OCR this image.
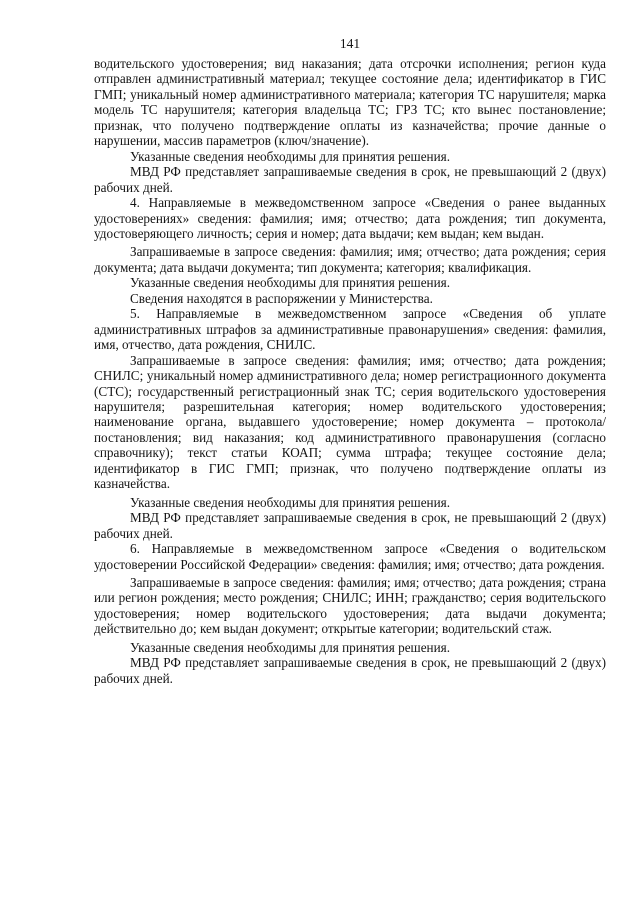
141

водительского удостоверения; вид наказания; дата отсрочки исполнения; регион куда отправлен административный материал; текущее состояние дела; идентификатор в ГИС ГМП; уникальный номер административного материала; категория ТС нарушителя; марка модель ТС нарушителя; категория владельца ТС; ГРЗ ТС; кто вынес постановление; признак, что получено подтверждение оплаты из казначейства; прочие данные о нарушении, массив параметров (ключ/значение).

Указанные сведения необходимы для принятия решения.

МВД РФ представляет запрашиваемые сведения в срок, не превышающий 2 (двух) рабочих дней.

4. Направляемые в межведомственном запросе «Сведения о ранее выданных удостоверениях» сведения: фамилия; имя; отчество; дата рождения; тип документа, удостоверяющего личность; серия и номер; дата выдачи; кем выдан; кем выдан.

Запрашиваемые в запросе сведения: фамилия; имя; отчество; дата рождения; серия документа; дата выдачи документа; тип документа; категория; квалификация.

Указанные сведения необходимы для принятия решения.

Сведения находятся в распоряжении у Министерства.

5. Направляемые в межведомственном запросе «Сведения об уплате административных штрафов за административные правонарушения» сведения: фамилия, имя, отчество, дата рождения, СНИЛС.

Запрашиваемые в запросе сведения: фамилия; имя; отчество; дата рождения; СНИЛС; уникальный номер административного дела; номер регистрационного документа (СТС); государственный регистрационный знак ТС; серия водительского удостоверения нарушителя; разрешительная категория; номер водительского удостоверения; наименование органа, выдавшего удостоверение; номер документа – протокола/постановления; вид наказания; код административного правонарушения (согласно справочнику); текст статьи КОАП; сумма штрафа; текущее состояние дела; идентификатор в ГИС ГМП; признак, что получено подтверждение оплаты из казначейства.

Указанные сведения необходимы для принятия решения.

МВД РФ представляет запрашиваемые сведения в срок, не превышающий 2 (двух) рабочих дней.

6. Направляемые в межведомственном запросе «Сведения о водительском удостоверении Российской Федерации» сведения: фамилия; имя; отчество; дата рождения.

Запрашиваемые в запросе сведения: фамилия; имя; отчество; дата рождения; страна или регион рождения; место рождения; СНИЛС; ИНН; гражданство; серия водительского удостоверения; номер водительского удостоверения; дата выдачи документа; действительно до; кем выдан документ; открытые категории; водительский стаж.

Указанные сведения необходимы для принятия решения.

МВД РФ представляет запрашиваемые сведения в срок, не превышающий 2 (двух) рабочих дней.
